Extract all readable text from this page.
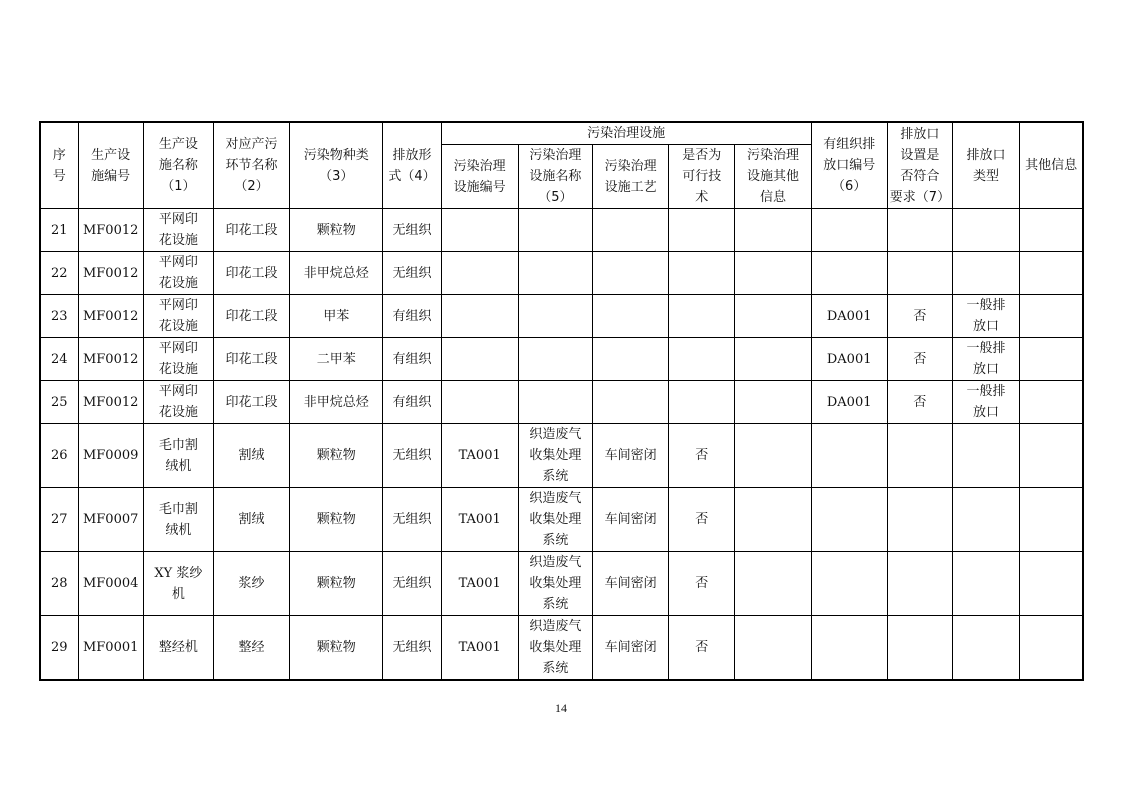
序
号	生产设
施编号	生产设
施名称
（1）	对应产污
环节名称
（2）	污染物种类
（3）	排放形
式（4）	污染治理设施					有组织排
放口编号
（6）	排放口
设置是
否符合
要求（7）	排放口
类型	其他信息
						污染治理
设施编号	污染治理
设施名称
（5）	污染治理
设施工艺	是否为
可行技
术	污染治理
设施其他
信息				
21	MF0012	平网印
花设施	印花工段	颗粒物	无组织									
22	MF0012	平网印
花设施	印花工段	非甲烷总烃	无组织									
23	MF0012	平网印
花设施	印花工段	甲苯	有组织						DA001	否	一般排
放口	
24	MF0012	平网印
花设施	印花工段	二甲苯	有组织						DA001	否	一般排
放口	
25	MF0012	平网印
花设施	印花工段	非甲烷总烃	有组织						DA001	否	一般排
放口	
26	MF0009	毛巾割
绒机	割绒	颗粒物	无组织	TA001	织造废气
收集处理
系统	车间密闭	否					
27	MF0007	毛巾割
绒机	割绒	颗粒物	无组织	TA001	织造废气
收集处理
系统	车间密闭	否					
28	MF0004	XY 浆纱
机	浆纱	颗粒物	无组织	TA001	织造废气
收集处理
系统	车间密闭	否					
29	MF0001	整经机	整经	颗粒物	无组织	TA001	织造废气
收集处理
系统	车间密闭	否					
14
